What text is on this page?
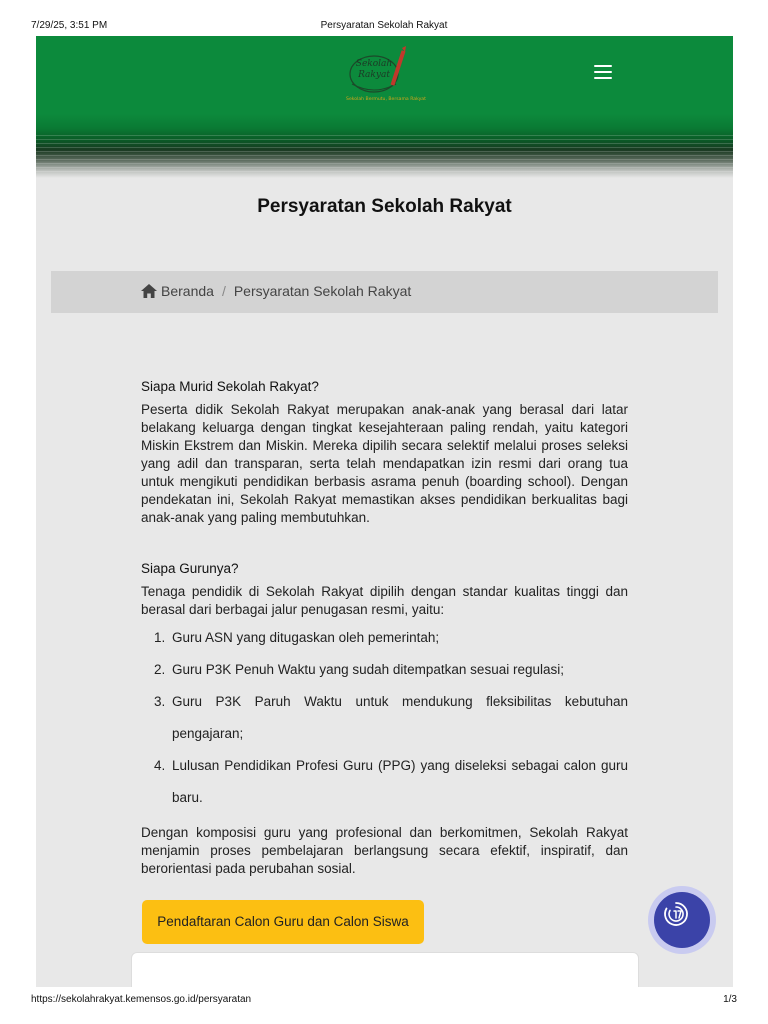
7/29/25, 3:51 PM	Persyaratan Sekolah Rakyat
Sekolah
Rakyat
Sekolah Bermutu, Bersama Rakyat
Persyaratan Sekolah Rakyat
Beranda / Persyaratan Sekolah Rakyat
Siapa Murid Sekolah Rakyat?

Peserta didik Sekolah Rakyat merupakan anak-anak yang berasal dari latar belakang keluarga dengan tingkat kesejahteraan paling rendah, yaitu kategori Miskin Ekstrem dan Miskin. Mereka dipilih secara selektif melalui proses seleksi yang adil dan transparan, serta telah mendapatkan izin resmi dari orang tua untuk mengikuti pendidikan berbasis asrama penuh (boarding school). Dengan pendekatan ini, Sekolah Rakyat memastikan akses pendidikan berkualitas bagi anak-anak yang paling membutuhkan.

Siapa Gurunya?

Tenaga pendidik di Sekolah Rakyat dipilih dengan standar kualitas tinggi dan berasal dari berbagai jalur penugasan resmi, yaitu:

1. Guru ASN yang ditugaskan oleh pemerintah;
2. Guru P3K Penuh Waktu yang sudah ditempatkan sesuai regulasi;
3. Guru P3K Paruh Waktu untuk mendukung fleksibilitas kebutuhan pengajaran;
4. Lulusan Pendidikan Profesi Guru (PPG) yang diseleksi sebagai calon guru baru.

Dengan komposisi guru yang profesional dan berkomitmen, Sekolah Rakyat menjamin proses pembelajaran berlangsung secara efektif, inspiratif, dan berorientasi pada perubahan sosial.

Pendaftaran Calon Guru dan Calon Siswa
https://sekolahrakyat.kemensos.go.id/persyaratan	1/3
